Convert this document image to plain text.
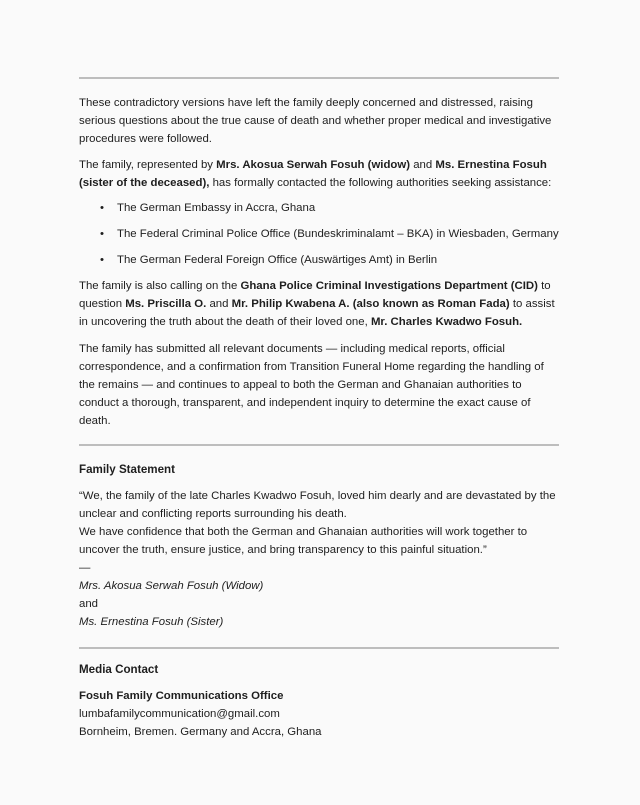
These contradictory versions have left the family deeply concerned and distressed, raising serious questions about the true cause of death and whether proper medical and investigative procedures were followed.

The family, represented by Mrs. Akosua Serwah Fosuh (widow) and Ms. Ernestina Fosuh (sister of the deceased), has formally contacted the following authorities seeking assistance:

• The German Embassy in Accra, Ghana
• The Federal Criminal Police Office (Bundeskriminalamt – BKA) in Wiesbaden, Germany
• The German Federal Foreign Office (Auswärtiges Amt) in Berlin

The family is also calling on the Ghana Police Criminal Investigations Department (CID) to question Ms. Priscilla O. and Mr. Philip Kwabena A. (also known as Roman Fada) to assist in uncovering the truth about the death of their loved one, Mr. Charles Kwadwo Fosuh.

The family has submitted all relevant documents — including medical reports, official correspondence, and a confirmation from Transition Funeral Home regarding the handling of the remains — and continues to appeal to both the German and Ghanaian authorities to conduct a thorough, transparent, and independent inquiry to determine the exact cause of death.

Family Statement

“We, the family of the late Charles Kwadwo Fosuh, loved him dearly and are devastated by the unclear and conflicting reports surrounding his death.
We have confidence that both the German and Ghanaian authorities will work together to uncover the truth, ensure justice, and bring transparency to this painful situation.”
—
Mrs. Akosua Serwah Fosuh (Widow)
and
Ms. Ernestina Fosuh (Sister)

Media Contact
Fosuh Family Communications Office
lumbafamilycommunication@gmail.com
Bornheim, Bremen. Germany and Accra, Ghana
